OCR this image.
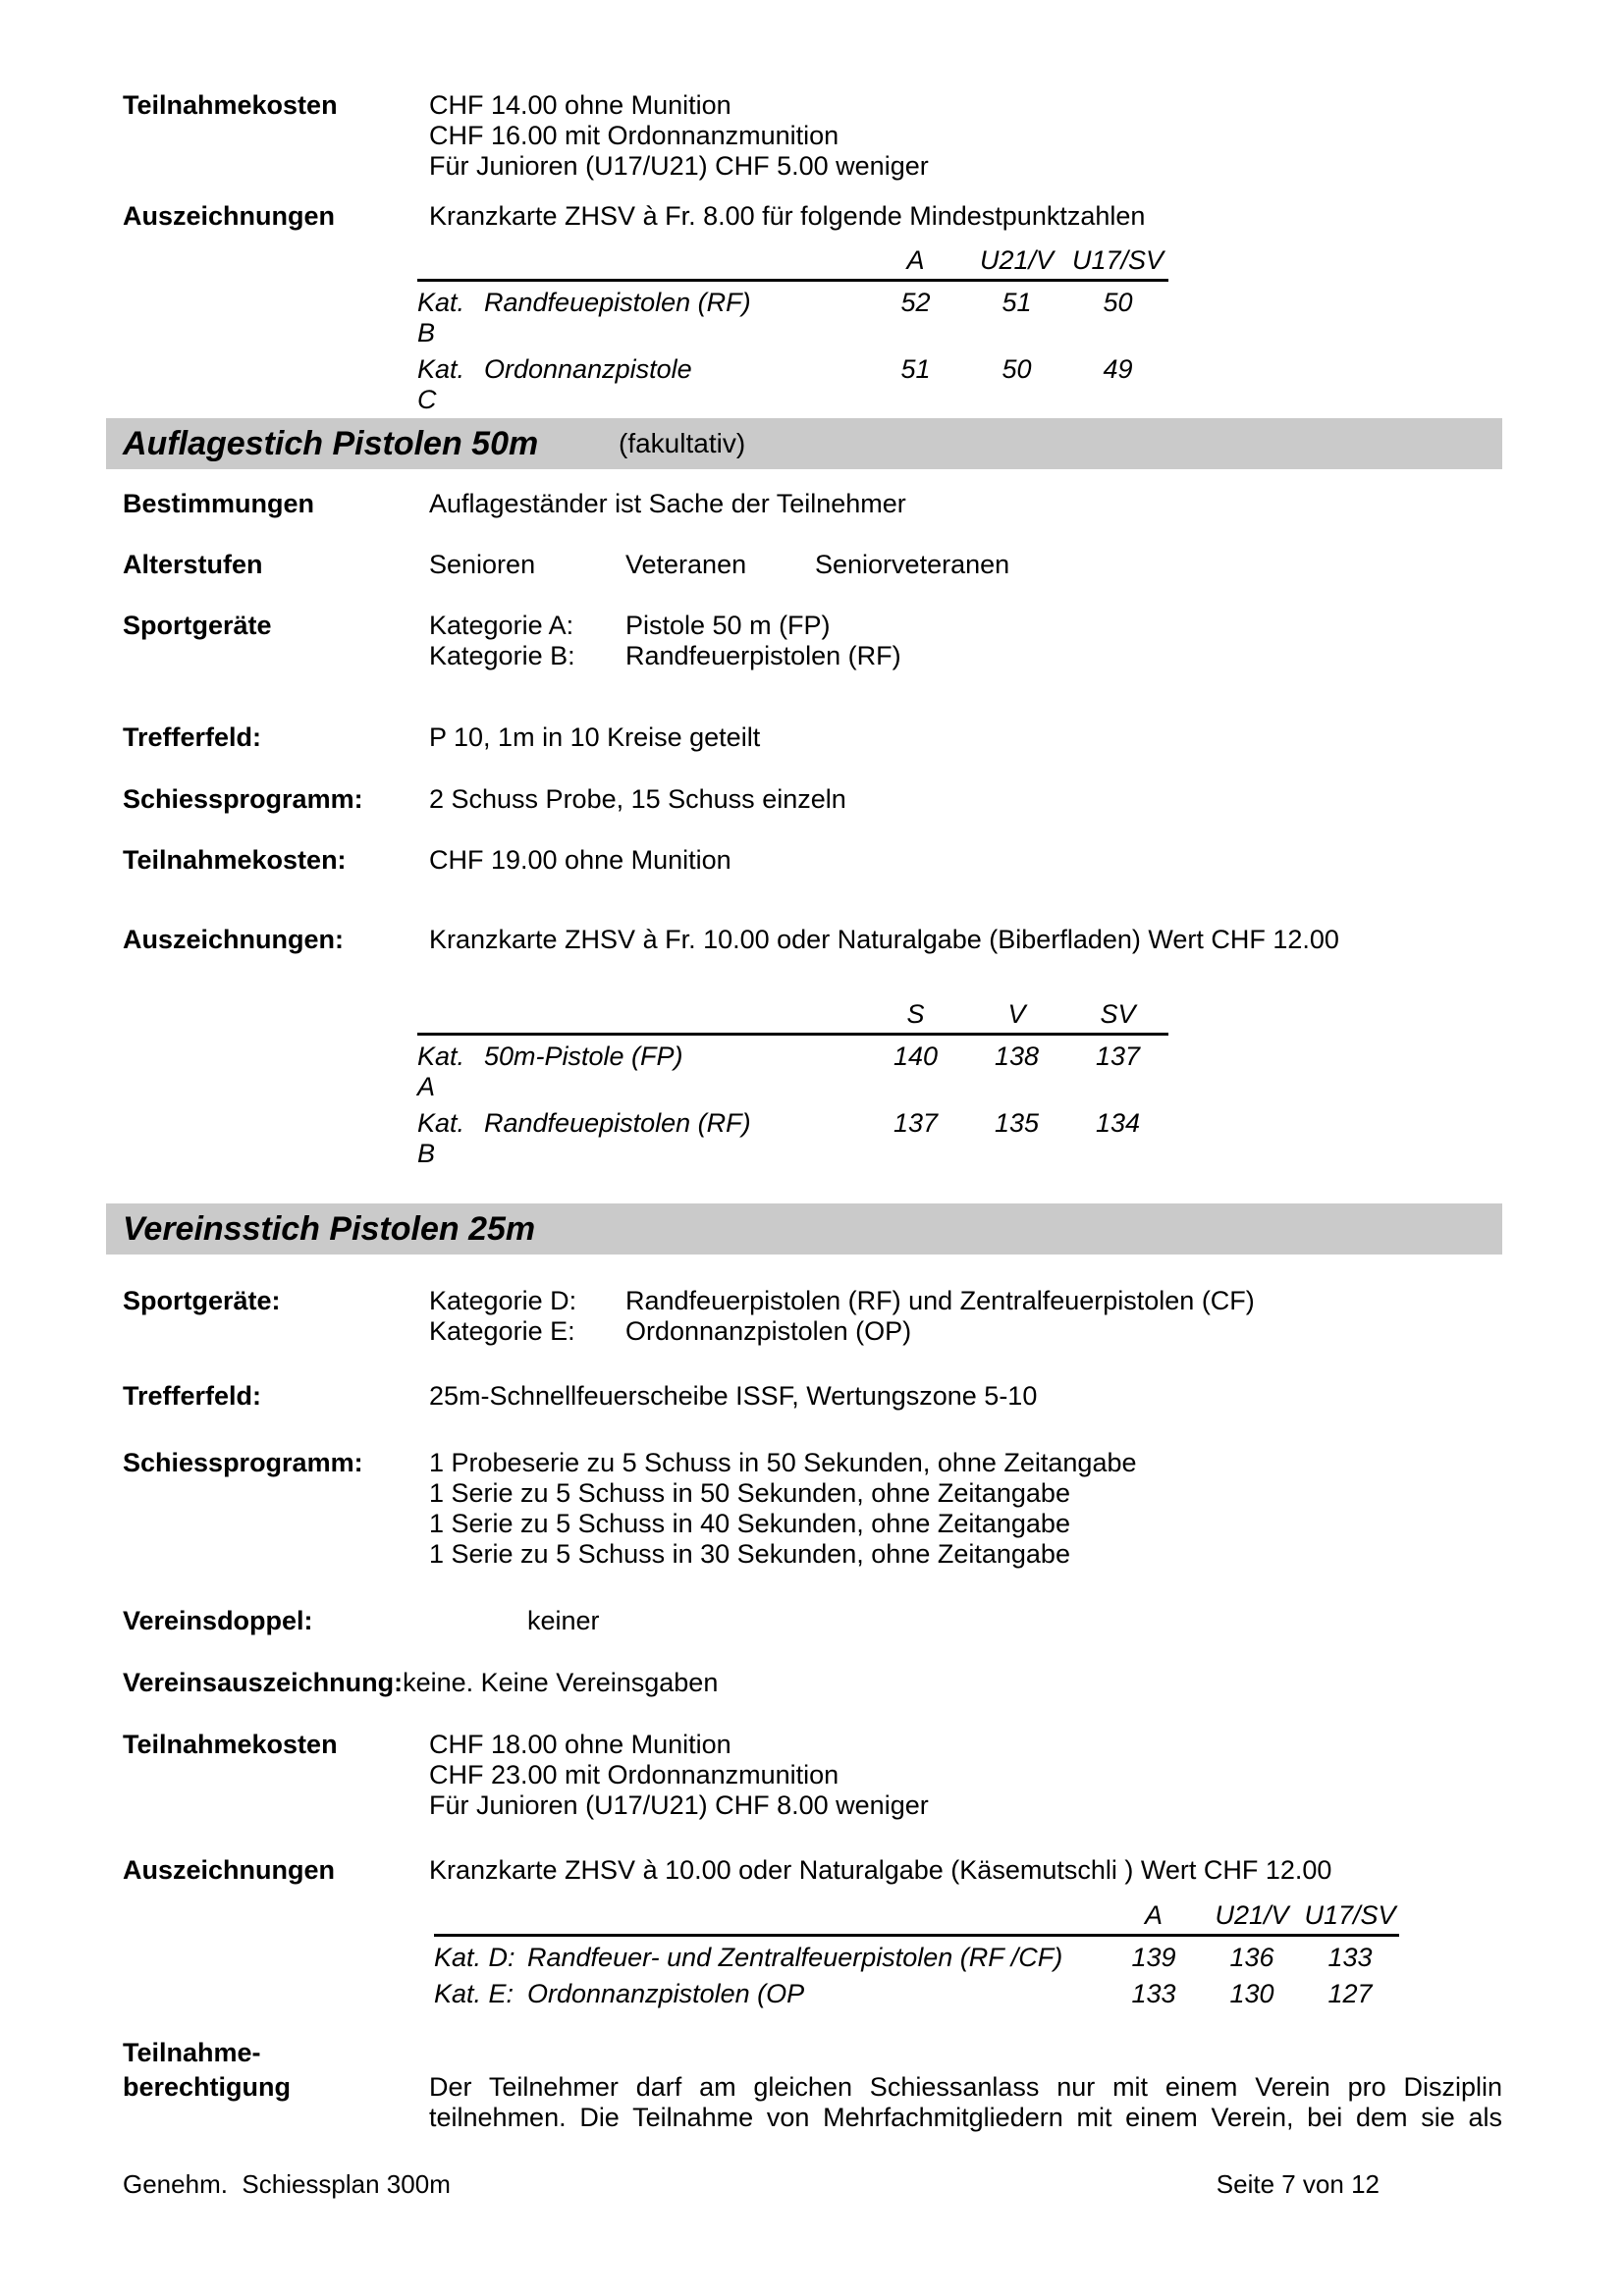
Teilnahmekosten	CHF 14.00 ohne Munition
CHF 16.00 mit Ordonnanzmunition
Für Junioren (U17/U21) CHF 5.00 weniger
Auszeichnungen	Kranzkarte ZHSV à Fr. 8.00 für folgende Mindestpunktzahlen
		A	U21/V	U17/SV
Kat. B	Randfeuepistolen (RF)	52	51	50
Kat. C	Ordonnanzpistole	51	50	49
Auflagestich Pistolen 50m	(fakultativ)
Bestimmungen	Auflageständer ist Sache der Teilnehmer
Alterstufen	Senioren	Veteranen	Seniorveteranen
Sportgeräte	Kategorie A: Pistole 50 m (FP)
Kategorie B: Randfeuerpistolen (RF)
Trefferfeld:	P 10, 1m in 10 Kreise geteilt
Schiessprogramm:	2 Schuss Probe, 15 Schuss einzeln
Teilnahmekosten:	CHF 19.00 ohne Munition
Auszeichnungen:	Kranzkarte ZHSV à Fr. 10.00 oder Naturalgabe (Biberfladen) Wert CHF 12.00
		S	V	SV
Kat. A	50m-Pistole (FP)	140	138	137
Kat. B	Randfeuepistolen (RF)	137	135	134
Vereinsstich Pistolen 25m
Sportgeräte:	Kategorie D: Randfeuerpistolen (RF) und Zentralfeuerpistolen (CF)
Kategorie E: Ordonnanzpistolen (OP)
Trefferfeld:	25m-Schnellfeuerscheibe ISSF, Wertungszone 5-10
Schiessprogramm:	1 Probeserie zu 5 Schuss in 50 Sekunden, ohne Zeitangabe
1 Serie zu 5 Schuss in 50 Sekunden, ohne Zeitangabe
1 Serie zu 5 Schuss in 40 Sekunden, ohne Zeitangabe
1 Serie zu 5 Schuss in 30 Sekunden, ohne Zeitangabe
Vereinsdoppel:	keiner
Vereinsauszeichnung:keine. Keine Vereinsgaben
Teilnahmekosten	CHF 18.00 ohne Munition
CHF 23.00 mit Ordonnanzmunition
Für Junioren (U17/U21) CHF 8.00 weniger
Auszeichnungen	Kranzkarte ZHSV à 10.00 oder Naturalgabe (Käsemutschli ) Wert CHF 12.00
		A	U21/V	U17/SV
Kat. D:	Randfeuer- und Zentralfeuerpistolen (RF /CF)	139	136	133
Kat. E:	Ordonnanzpistolen (OP	133	130	127
Teilnahme-
berechtigung	Der Teilnehmer darf am gleichen Schiessanlass nur mit einem Verein pro Disziplin teilnehmen. Die Teilnahme von Mehrfachmitgliedern mit einem Verein, bei dem sie als
Genehm.  Schiessplan 300m	Seite 7 von 12
